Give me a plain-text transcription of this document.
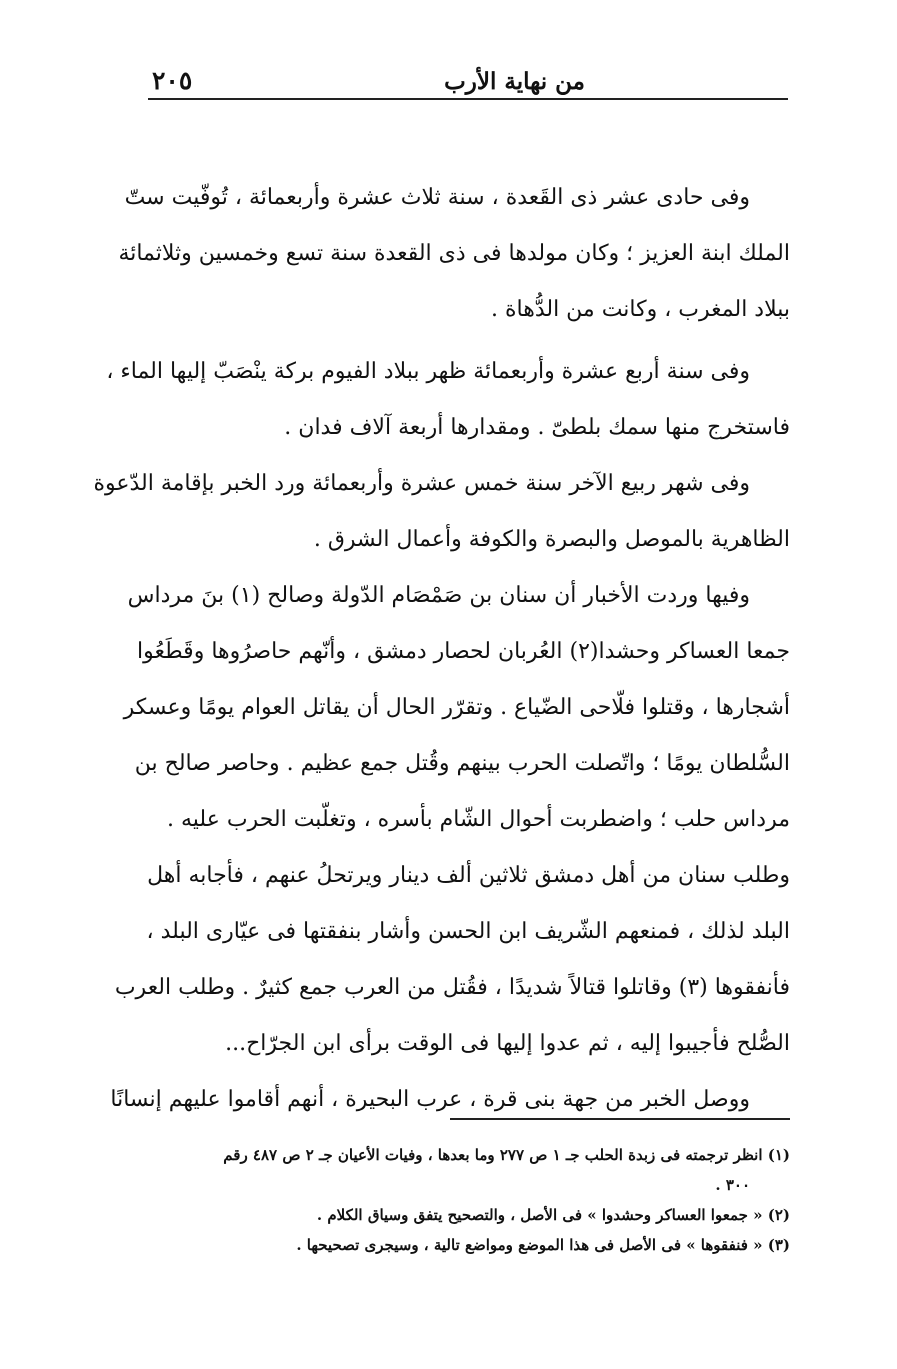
من نهاية الأرب
٢٠٥
وفى حادى عشر ذى القَعدة ، سنة ثلاث عشرة وأربعمائة ، تُوفّيت ستّ
الملك ابنة العزيز ؛ وكان مولدها فى ذى القعدة سنة تسع وخمسين وثلاثمائة
ببلاد المغرب ، وكانت من الدُّهاة .
وفى سنة أربع عشرة وأربعمائة ظهر ببلاد الفيوم بركة ينْصَبّ إليها الماء ،
فاستخرج منها سمك بلطىّ . ومقدارها أربعة آلاف فدان .
وفى شهر ربيع الآخر سنة خمس عشرة وأربعمائة ورد الخبر بإقامة الدّعوة
الظاهرية بالموصل والبصرة والكوفة وأعمال الشرق .
وفيها وردت الأخبار أن سنان بن صَمْصَام الدّولة وصالح (١) بنَ مرداس
جمعا العساكر وحشدا(٢) العُربان لحصار دمشق ، وأنّهم حاصرُوها وقَطَعُوا
أشجارها ، وقتلوا فلّاحى الضّياع . وتقرّر الحال أن يقاتل العوام يومًا وعسكر
السُّلطان يومًا ؛ واتّصلت الحرب بينهم وقُتل جمع عظيم . وحاصر صالح بن
مرداس حلب ؛ واضطربت أحوال الشّام بأسره ، وتغلّبت الحرب عليه .
وطلب سنان من أهل دمشق ثلاثين ألف دينار ويرتحلُ عنهم ، فأجابه أهل
البلد لذلك ، فمنعهم الشّريف ابن الحسن وأشار بنفقتها فى عيّارى البلد ،
فأنفقوها (٣) وقاتلوا قتالاً شديدًا ، فقُتل من العرب جمع كثيرٌ . وطلب العرب
الصُّلح فأجيبوا إليه ، ثم عدوا إليها فى الوقت برأى ابن الجرّاح...
ووصل الخبر من جهة بنى قرة ، عرب البحيرة ، أنهم أقاموا عليهم إنسانًا
(١) انظر ترجمته فى زبدة الحلب جـ ١ ص ٢٧٧ وما بعدها ، وفيات الأعيان جـ ٢ ص ٤٨٧ رقم
٣٠٠ .
(٢) « جمعوا العساكر وحشدوا » فى الأصل ، والتصحيح يتفق وسياق الكلام .
(٣) « فنفقوها » فى الأصل فى هذا الموضع ومواضع تالية ، وسيجرى تصحيحها .
